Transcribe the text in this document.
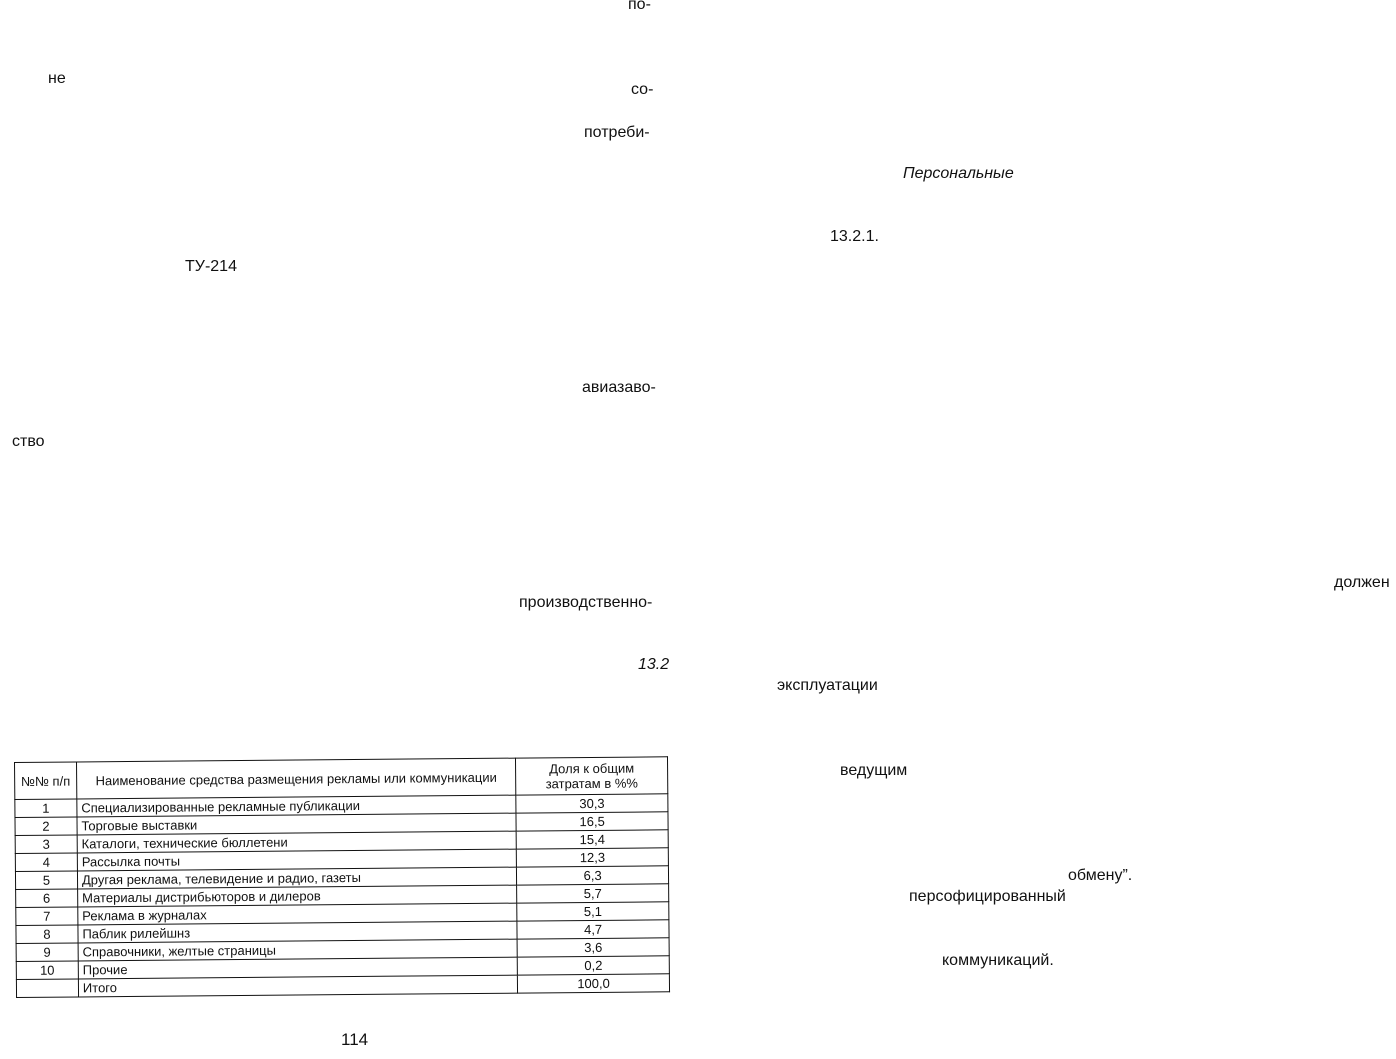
по-
не
со-
потреби-
Персональные
13.2.1.
ТУ-214
авиазаво-
ство
должен
производственно-
13.2
эксплуатации
ведущим
обмену”.
персофицированный
коммуникаций.
№№ п/п	Наименование средства размещения рекламы или коммуникации	Доля к общим затратам в %%
1	Специализированные рекламные публикации	30,3
2	Торговые выставки	16,5
3	Каталоги, технические бюллетени	15,4
4	Рассылка почты	12,3
5	Другая реклама, телевидение и радио, газеты	6,3
6	Материалы дистрибьюторов и дилеров	5,7
7	Реклама в журналах	5,1
8	Паблик рилейшнз	4,7
9	Справочники, желтые страницы	3,6
10	Прочие	0,2
	Итого	100,0
114
